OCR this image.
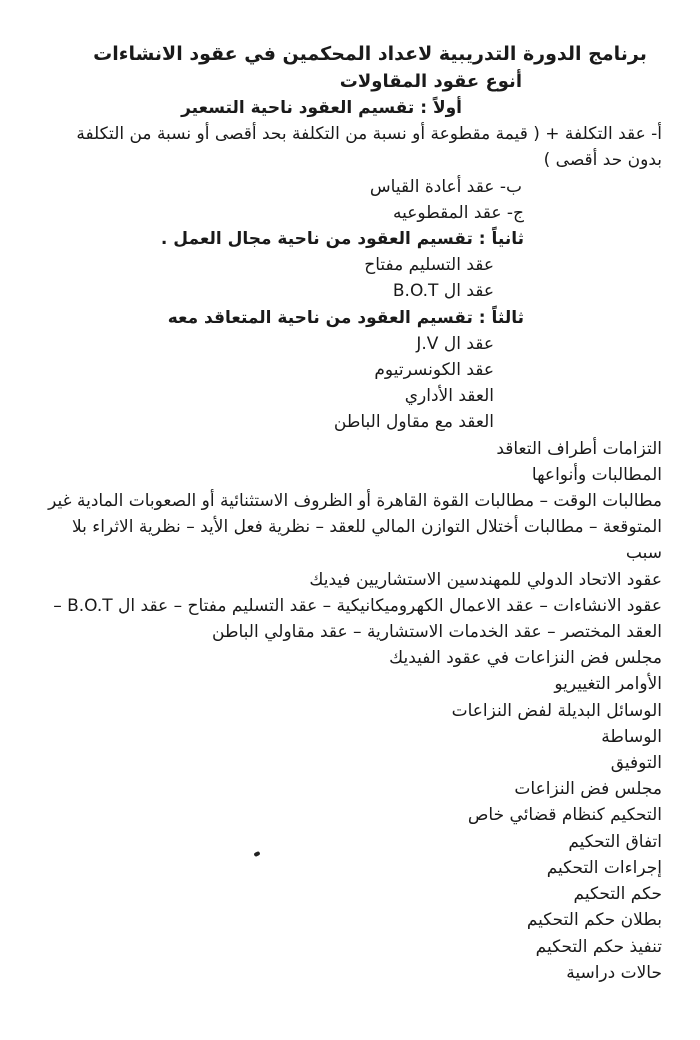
برنامج الدورة التدريبية لاعداد المحكمين في عقود الانشاءات
أنوع عقود المقاولات
أولاً : تقسيم العقود ناحية التسعير
أ- عقد التكلفة + ( قيمة مقطوعة أو نسبة من التكلفة بحد أقصى أو نسبة من التكلفة بدون حد أقصى )
ب- عقد أعادة القياس
ج- عقد المقطوعيه
ثانياً : تقسيم العقود من ناحية مجال العمل .
عقد التسليم مفتاح
عقد ال B.O.T
ثالثاً : تقسيم العقود من ناحية المتعاقد معه
عقد ال J.V
عقد الكونسرتيوم
العقد الأداري
العقد مع مقاول الباطن
التزامات أطراف التعاقد
المطالبات وأنواعها
مطالبات الوقت – مطالبات القوة القاهرة أو الظروف الاستثنائية أو الصعوبات المادية غير المتوقعة – مطالبات أختلال التوازن المالي للعقد – نظرية فعل الأيد – نظرية الاثراء بلا سبب
عقود الاتحاد الدولي للمهندسين الاستشاريين فيديك
عقود الانشاءات – عقد الاعمال الكهروميكانيكية – عقد التسليم مفتاح – عقد ال B.O.T – العقد المختصر – عقد الخدمات الاستشارية – عقد مقاولي الباطن
مجلس فض النزاعات في عقود الفيديك
الأوامر التغييريو
الوسائل البديلة لفض النزاعات
الوساطة
التوفيق
مجلس فض النزاعات
التحكيم كنظام قضائي خاص
اتفاق التحكيم
إجراءات التحكيم
حكم التحكيم
بطلان حكم التحكيم
تنفيذ حكم التحكيم
حالات دراسية
